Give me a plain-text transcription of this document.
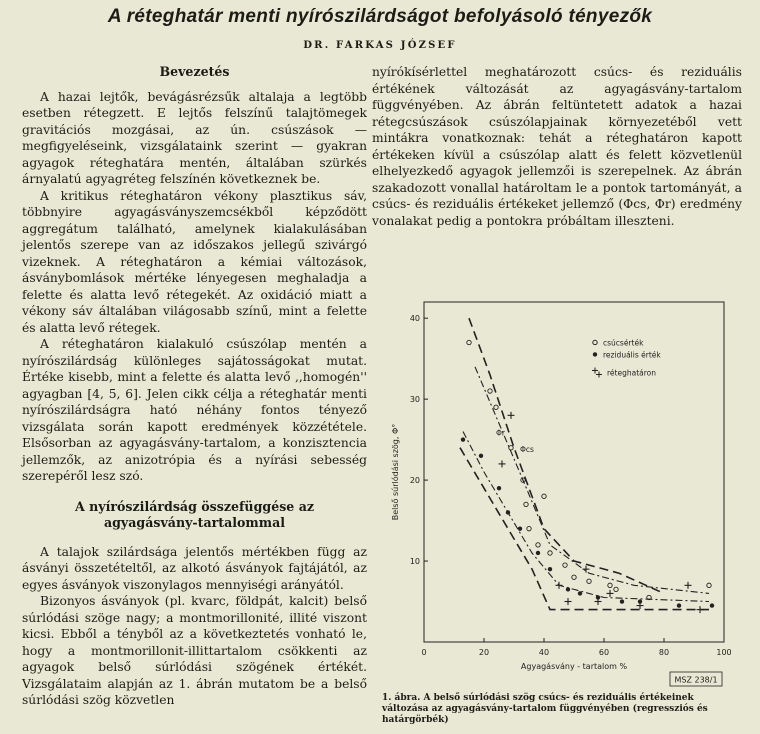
A réteghatár menti nyírószilárdságot befolyásoló tényezők
DR. FARKAS JÓZSEF
Bevezetés

A hazai lejtők, bevágásrézsűk altalaja a legtöbb esetben rétegzett. E lejtős felszínű talajtömegek gravitációs mozgásai, az ún. csúszások — megfigyeléseink, vizsgálataink szerint — gyakran agyagok réteghatára mentén, általában szürkés árnyalatú agyagréteg felszínén következnek be.

A kritikus réteghatáron vékony plasztikus sáv, többnyire agyagásványszemcsékből képződött aggregátum található, amelynek kialakulásában jelentős szerepe van az időszakos jellegű szivárgó vizeknek. A réteghatáron a kémiai változások, ásványbomlások mértéke lényegesen meghaladja a felette és alatta levő rétegekét. Az oxidáció miatt a vékony sáv általában világosabb színű, mint a felette és alatta levő rétegek.

A réteghatáron kialakuló csúszólap mentén a nyírószilárdság különleges sajátosságokat mutat. Értéke kisebb, mint a felette és alatta levő ,,homogén'' agyagban [4, 5, 6]. Jelen cikk célja a réteghatár menti nyírószilárdságra ható néhány fontos tényező vizsgálata során kapott eredmények közzététele. Elsősorban az agyagásvány-tartalom, a konzisztencia jellemzők, az anizotrópia és a nyírási sebesség szerepéről lesz szó.

A nyírószilárdság összefüggése az
agyagásvány-tartalommal

A talajok szilárdsága jelentős mértékben függ az ásványi összetételtől, az alkotó ásványok fajtájától, az egyes ásványok viszonylagos mennyiségi arányától.

Bizonyos ásványok (pl. kvarc, földpát, kalcit) belső súrlódási szöge nagy; a montmorillonité, illité viszont kicsi. Ebből a tényből az a következtetés vonható le, hogy a montmorillonit-illittartalom csökkenti az agyagok belső súrlódási szögének értékét. Vizsgálataim alapján az 1. ábrán mutatom be a belső súrlódási szög közvetlen

nyírókísérlettel meghatározott csúcs- és reziduális értékének változását az agyagásvány-tartalom függvényében. Az ábrán feltüntetett adatok a hazai rétegcsúszások csúszólapjainak környezetéből vett mintákra vonatkoznak: tehát a réteghatáron kapott értékeken kívül a csúszólap alatt és felett közvetlenül elhelyezkedő agyagok jellemzői is szerepelnek. Az ábrán szakadozott vonallal határoltam le a pontok tartományát, a csúcs- és reziduális értékeket jellemző (Φcs, Φr) eredmény vonalakat pedig a pontokra próbáltam illeszteni.

0	20	40	60	80	100
10
20
30
40
Agyagásvány - tartalom %
Belső súrlódási szög, Φ°
csúcsérték
reziduális érték
réteghatáron
Φr
Φcs
MSZ 238/1
1. ábra. A belső súrlódási szög csúcs- és reziduális értékeinek változása az agyagásvány-tartalom függvényében (regressziós és határgörbék)
